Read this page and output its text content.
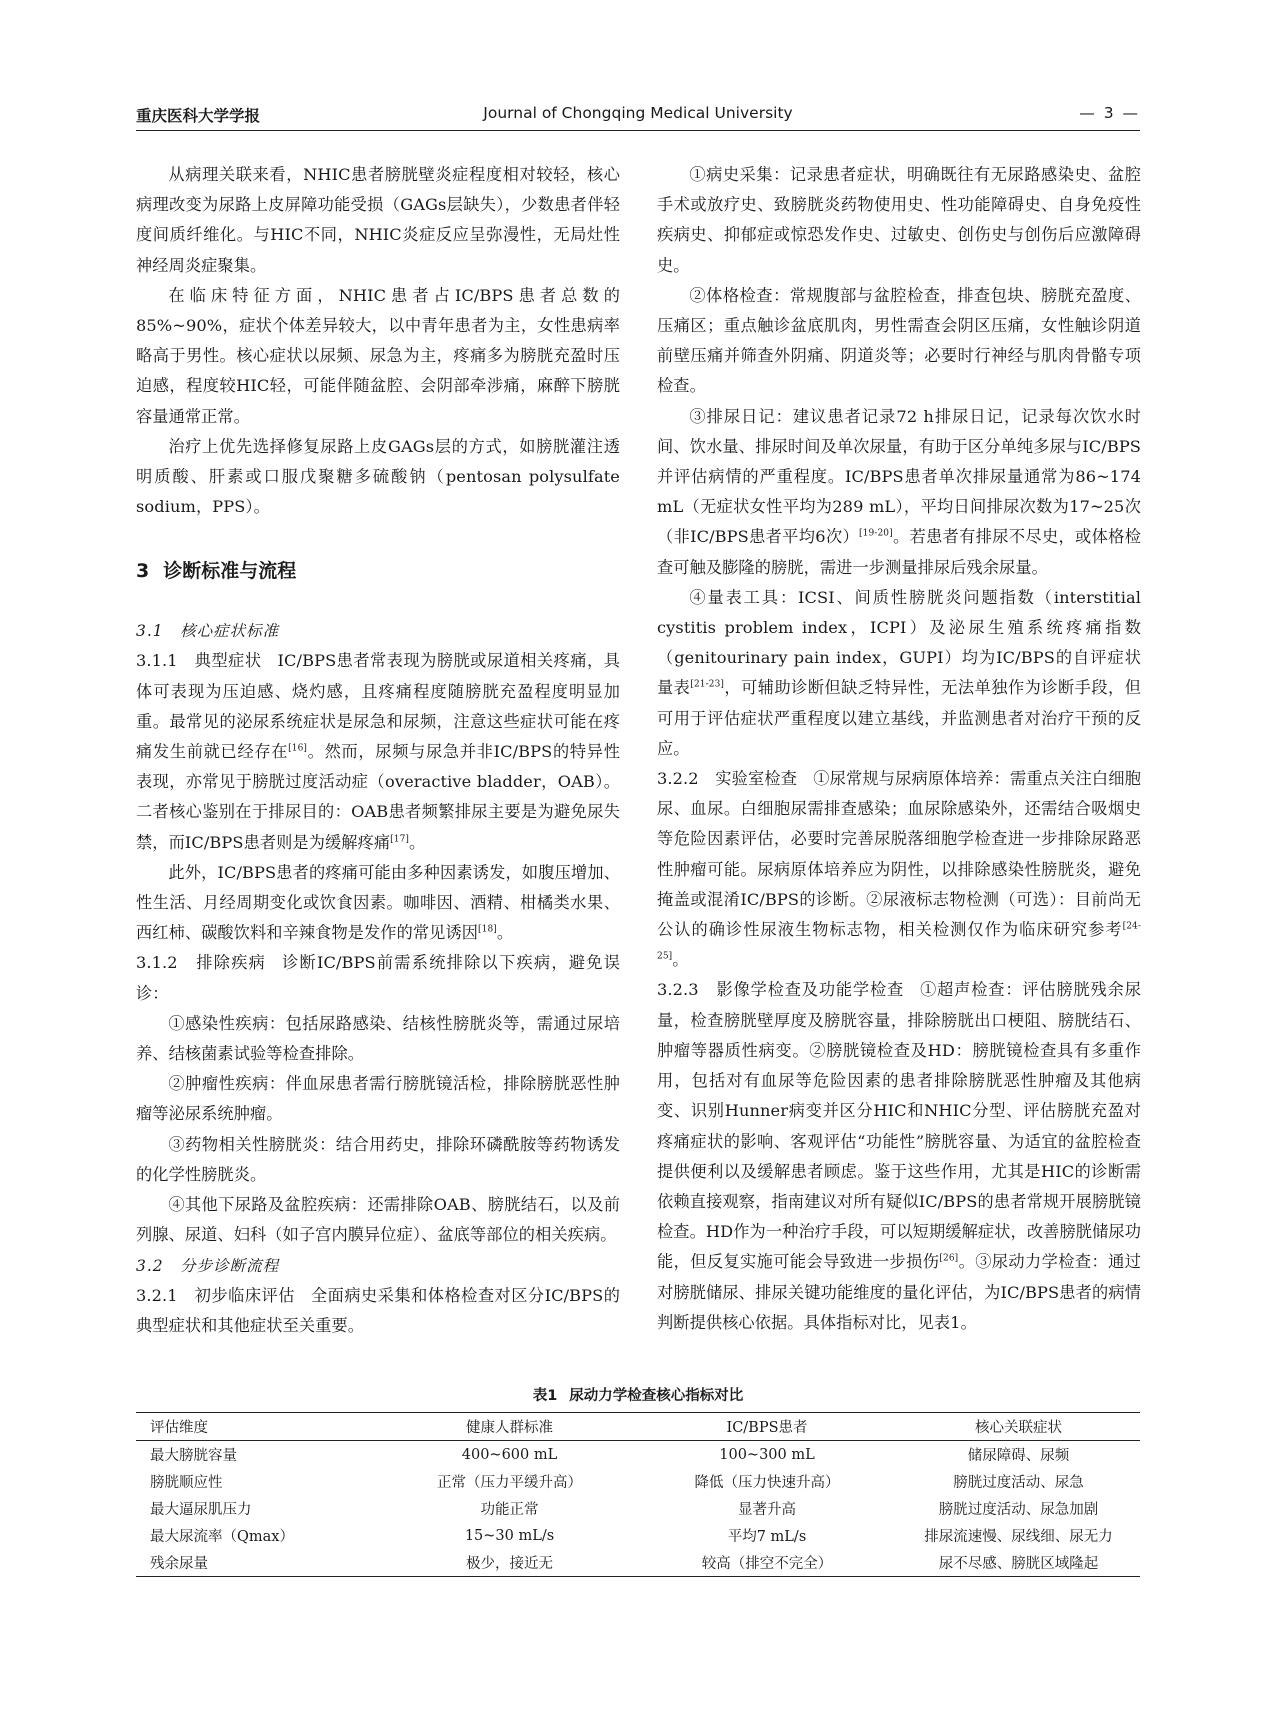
重庆医科大学学报	Journal of Chongqing Medical University	— 3 —

从病理关联来看，NHIC患者膀胱壁炎症程度相对较轻，核心病理改变为尿路上皮屏障功能受损（GAGs层缺失），少数患者伴轻度间质纤维化。与HIC不同，NHIC炎症反应呈弥漫性，无局灶性神经周炎症聚集。

在临床特征方面，NHIC患者占IC/BPS患者总数的85%~90%，症状个体差异较大，以中青年患者为主，女性患病率略高于男性。核心症状以尿频、尿急为主，疼痛多为膀胱充盈时压迫感，程度较HIC轻，可能伴随盆腔、会阴部牵涉痛，麻醉下膀胱容量通常正常。

治疗上优先选择修复尿路上皮GAGs层的方式，如膀胱灌注透明质酸、肝素或口服戊聚糖多硫酸钠（pentosan polysulfate sodium，PPS）。

3 诊断标准与流程
3.1　核心症状标准

3.1.1　典型症状 IC/BPS患者常表现为膀胱或尿道相关疼痛，具体可表现为压迫感、烧灼感，且疼痛程度随膀胱充盈程度明显加重。最常见的泌尿系统症状是尿急和尿频，注意这些症状可能在疼痛发生前就已经存在[16]。然而，尿频与尿急并非IC/BPS的特异性表现，亦常见于膀胱过度活动症（overactive bladder，OAB）。二者核心鉴别在于排尿目的：OAB患者频繁排尿主要是为避免尿失禁，而IC/BPS患者则是为缓解疼痛[17]。

此外，IC/BPS患者的疼痛可能由多种因素诱发，如腹压增加、性生活、月经周期变化或饮食因素。咖啡因、酒精、柑橘类水果、西红柿、碳酸饮料和辛辣食物是发作的常见诱因[18]。

3.1.2　排除疾病 诊断IC/BPS前需系统排除以下疾病，避免误诊：

①感染性疾病：包括尿路感染、结核性膀胱炎等，需通过尿培养、结核菌素试验等检查排除。

②肿瘤性疾病：伴血尿患者需行膀胱镜活检，排除膀胱恶性肿瘤等泌尿系统肿瘤。

③药物相关性膀胱炎：结合用药史，排除环磷酰胺等药物诱发的化学性膀胱炎。

④其他下尿路及盆腔疾病：还需排除OAB、膀胱结石，以及前列腺、尿道、妇科（如子宫内膜异位症）、盆底等部位的相关疾病。

3.2　分步诊断流程

3.2.1　初步临床评估 全面病史采集和体格检查对区分IC/BPS的典型症状和其他症状至关重要。

①病史采集：记录患者症状，明确既往有无尿路感染史、盆腔手术或放疗史、致膀胱炎药物使用史、性功能障碍史、自身免疫性疾病史、抑郁症或惊恐发作史、过敏史、创伤史与创伤后应激障碍史。

②体格检查：常规腹部与盆腔检查，排查包块、膀胱充盈度、压痛区；重点触诊盆底肌肉，男性需查会阴区压痛，女性触诊阴道前壁压痛并筛查外阴痛、阴道炎等；必要时行神经与肌肉骨骼专项检查。

③排尿日记：建议患者记录72 h排尿日记，记录每次饮水时间、饮水量、排尿时间及单次尿量，有助于区分单纯多尿与IC/BPS并评估病情的严重程度。IC/BPS患者单次排尿量通常为86~174 mL（无症状女性平均为289 mL），平均日间排尿次数为17~25次（非IC/BPS患者平均6次）[19-20]。若患者有排尿不尽史，或体格检查可触及膨隆的膀胱，需进一步测量排尿后残余尿量。

④量表工具：ICSI、间质性膀胱炎问题指数（interstitial cystitis problem index，ICPI）及泌尿生殖系统疼痛指数（genitourinary pain index，GUPI）均为IC/BPS的自评症状量表[21-23]，可辅助诊断但缺乏特异性，无法单独作为诊断手段，但可用于评估症状严重程度以建立基线，并监测患者对治疗干预的反应。

3.2.2　实验室检查 ①尿常规与尿病原体培养：需重点关注白细胞尿、血尿。白细胞尿需排查感染；血尿除感染外，还需结合吸烟史等危险因素评估，必要时完善尿脱落细胞学检查进一步排除尿路恶性肿瘤可能。尿病原体培养应为阴性，以排除感染性膀胱炎，避免掩盖或混淆IC/BPS的诊断。②尿液标志物检测（可选）：目前尚无公认的确诊性尿液生物标志物，相关检测仅作为临床研究参考[24-25]。

3.2.3　影像学检查及功能学检查 ①超声检查：评估膀胱残余尿量，检查膀胱壁厚度及膀胱容量，排除膀胱出口梗阻、膀胱结石、肿瘤等器质性病变。②膀胱镜检查及HD：膀胱镜检查具有多重作用，包括对有血尿等危险因素的患者排除膀胱恶性肿瘤及其他病变、识别Hunner病变并区分HIC和NHIC分型、评估膀胱充盈对疼痛症状的影响、客观评估“功能性”膀胱容量、为适宜的盆腔检查提供便利以及缓解患者顾虑。鉴于这些作用，尤其是HIC的诊断需依赖直接观察，指南建议对所有疑似IC/BPS的患者常规开展膀胱镜检查。HD作为一种治疗手段，可以短期缓解症状，改善膀胱储尿功能，但反复实施可能会导致进一步损伤[26]。③尿动力学检查：通过对膀胱储尿、排尿关键功能维度的量化评估，为IC/BPS患者的病情判断提供核心依据。具体指标对比，见表1。

表1 尿动力学检查核心指标对比
评估维度	健康人群标准	IC/BPS患者	核心关联症状
最大膀胱容量	400~600 mL	100~300 mL	储尿障碍、尿频
膀胱顺应性	正常（压力平缓升高）	降低（压力快速升高）	膀胱过度活动、尿急
最大逼尿肌压力	功能正常	显著升高	膀胱过度活动、尿急加剧
最大尿流率（Qmax）	15~30 mL/s	平均7 mL/s	排尿流速慢、尿线细、尿无力
残余尿量	极少，接近无	较高（排空不完全）	尿不尽感、膀胱区域隆起
